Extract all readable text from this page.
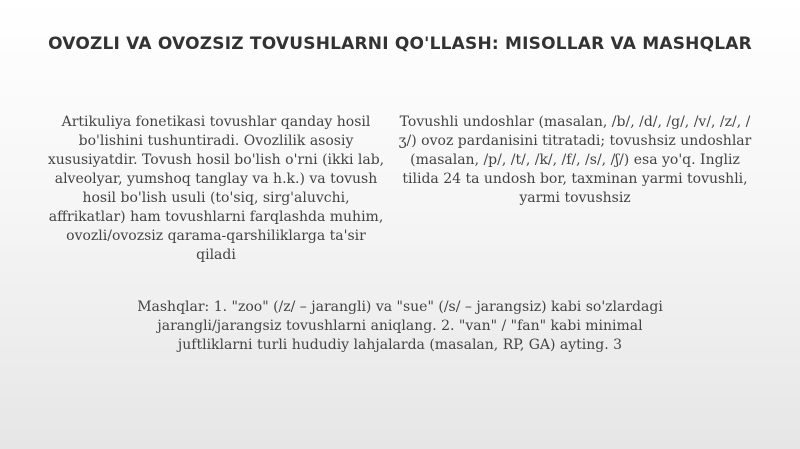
OVOZLI VA OVOZSIZ TOVUSHLARNI QO'LLASH: MISOLLAR VA MASHQLAR
Artikuliya fonetikasi tovushlar qanday hosil bo'lishini tushuntiradi. Ovozlilik asosiy xususiyatdir. Tovush hosil bo'lish o'rni (ikki lab, alveolyar, yumshoq tanglay va h.k.) va tovush hosil bo'lish usuli (to'siq, sirg'aluvchi, affrikatlar) ham tovushlarni farqlashda muhim, ovozli/ovozsiz qarama-qarshiliklarga ta'sir qiladi
Tovushli undoshlar (masalan, /b/, /d/, /g/, /v/, /z/, /ʒ/) ovoz pardanisini titratadi; tovushsiz undoshlar (masalan, /p/, /t/, /k/, /f/, /s/, /ʃ/) esa yo'q. Ingliz tilida 24 ta undosh bor, taxminan yarmi tovushli, yarmi tovushsiz
Mashqlar: 1. "zoo" (/z/ – jarangli) va "sue" (/s/ – jarangsiz) kabi so'zlardagi jarangli/jarangsiz tovushlarni aniqlang. 2. "van" / "fan" kabi minimal juftliklarni turli hududiy lahjalarda (masalan, RP, GA) ayting. 3
